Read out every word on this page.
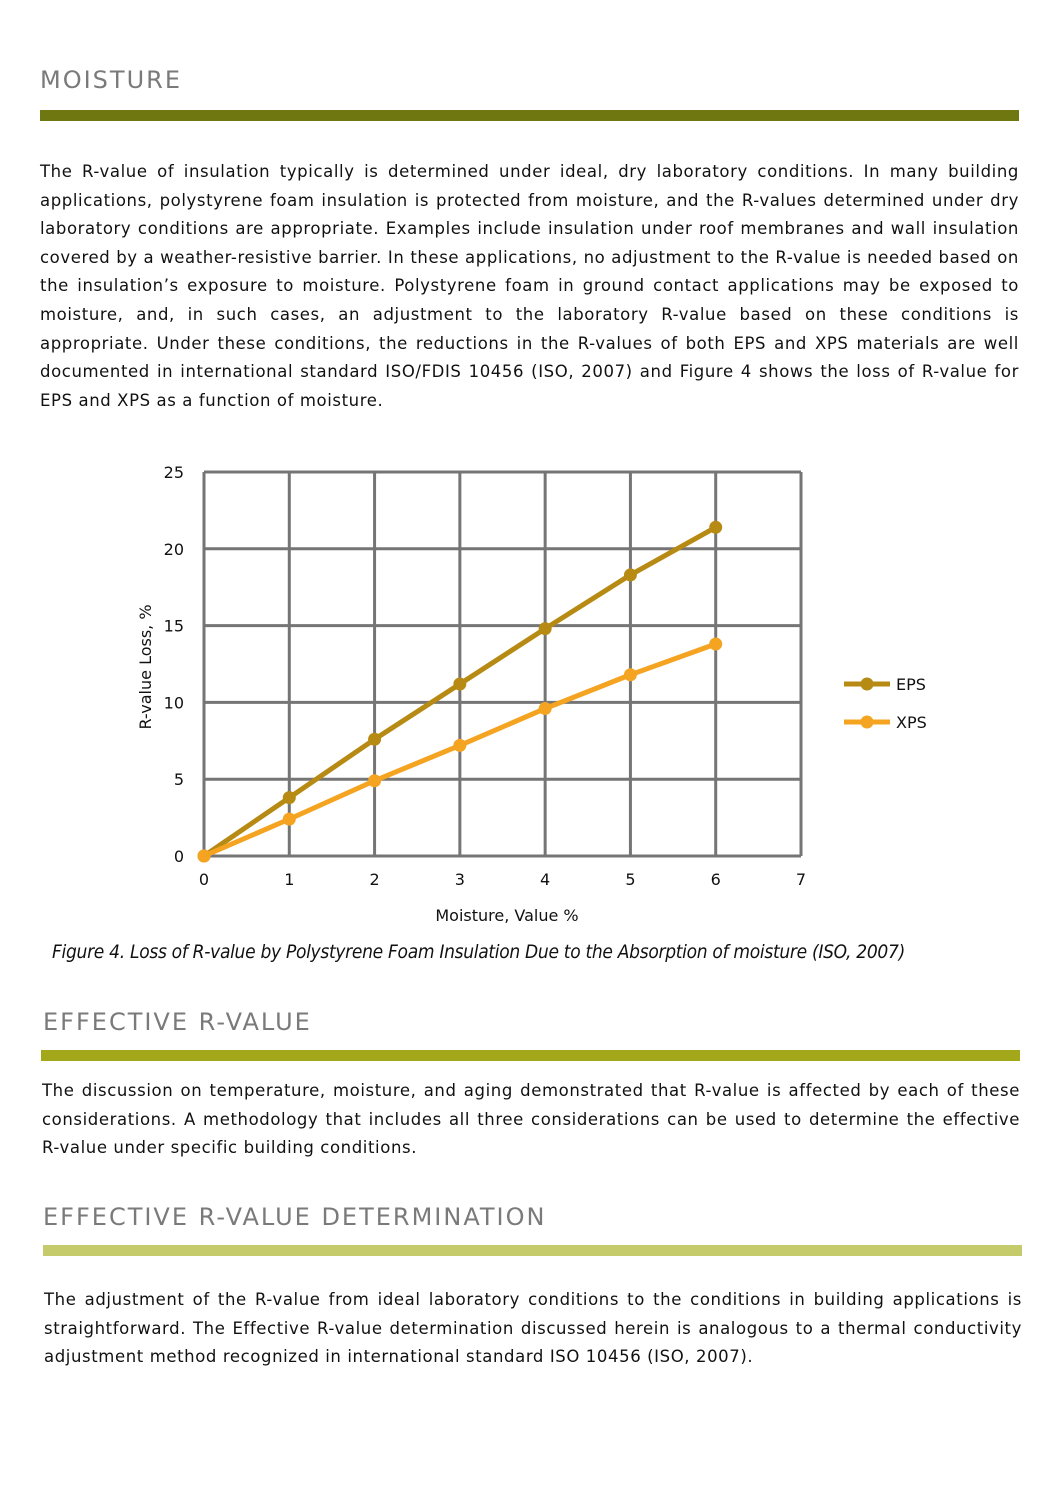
MOISTURE

The R-value of insulation typically is determined under ideal, dry laboratory conditions. In many building applications, polystyrene foam insulation is protected from moisture, and the R-values determined under dry laboratory conditions are appropriate. Examples include insulation under roof membranes and wall insulation covered by a weather-resistive barrier. In these applications, no adjustment to the R-value is needed based on the insulation’s exposure to moisture. Polystyrene foam in ground contact applications may be exposed to moisture, and, in such cases, an adjustment to the laboratory R-value based on these conditions is appropriate. Under these conditions, the reductions in the R-values of both EPS and XPS materials are well documented in international standard ISO/FDIS 10456 (ISO, 2007) and Figure 4 shows the loss of R-value for EPS and XPS as a function of moisture.

0	1	2	3	4	5	6	7
0
5
10
15
20
25
EPS
XPS
Moisture, Value %
R-value Loss, %

Figure 4. Loss of R-value by Polystyrene Foam Insulation Due to the Absorption of moisture (ISO, 2007)

EFFECTIVE R-VALUE

The discussion on temperature, moisture, and aging demonstrated that R-value is affected by each of these considerations. A methodology that includes all three considerations can be used to determine the effective R-value under specific building conditions.

EFFECTIVE R-VALUE DETERMINATION

The adjustment of the R-value from ideal laboratory conditions to the conditions in building applications is straightforward. The Effective R-value determination discussed herein is analogous to a thermal conductivity adjustment method recognized in international standard ISO 10456 (ISO, 2007).
